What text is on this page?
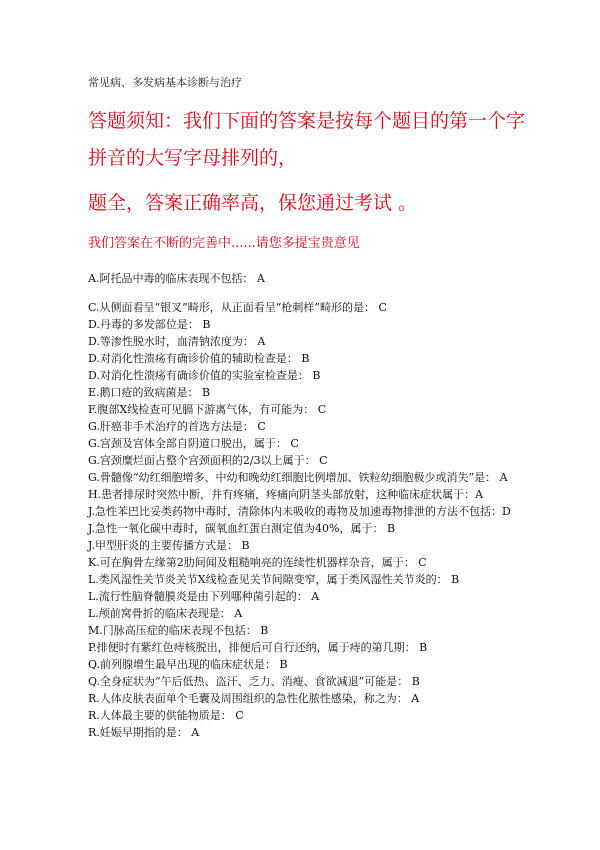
常见病、多发病基本诊断与治疗
答题须知：我们下面的答案是按每个题目的第一个字
拼音的大写字母排列的，
题全，答案正确率高，保您通过考试 。
我们答案在不断的完善中......请您多提宝贵意见
A.阿托品中毒的临床表现不包括： A
C.从侧面看呈“银叉”畸形，从正面看呈“枪刺样”畸形的是： C
D.丹毒的多发部位是： B
D.等渗性脱水时，血清钠浓度为： A
D.对消化性溃疡有确诊价值的辅助检查是： B
D.对消化性溃疡有确诊价值的实验室检查是： B
E.鹅口疮的致病菌是： B
F.腹部X线检查可见膈下游离气体，有可能为： C
G.肝癌非手术治疗的首选方法是： C
G.宫颈及宫体全部自阴道口脱出，属于： C
G.宫颈糜烂面占整个宫颈面积的2/3以上属于： C
G.骨髓像“幼红细胞增多、中幼和晚幼红细胞比例增加、铁粒幼细胞极少或消失”是： A
H.患者排尿时突然中断，并有疼痛，疼痛向阴茎头部放射，这种临床症状属于：A
J.急性苯巴比妥类药物中毒时，清除体内未吸收的毒物及加速毒物排泄的方法不包括：D
J.急性一氧化碳中毒时，碳氧血红蛋白测定值为40%，属于： B
J.甲型肝炎的主要传播方式是： B
K.可在胸骨左缘第2肋间闻及粗糙响亮的连续性机器样杂音，属于： C
L.类风湿性关节炎关节X线检查见关节间隙变窄，属于类风湿性关节炎的： B
L.流行性脑脊髓膜炎是由下列哪种菌引起的： A
L.颅前窝骨折的临床表现是： A
M.门脉高压症的临床表现不包括： B
P.排便时有紫红色痔核脱出，排便后可自行还纳，属于痔的第几期： B
Q.前列腺增生最早出现的临床症状是： B
Q.全身症状为“午后低热、盗汗、乏力、消瘦、食欲减退”可能是： B
R.人体皮肤表面单个毛囊及周围组织的急性化脓性感染，称之为： A
R.人体最主要的供能物质是： C
R.妊娠早期指的是： A
